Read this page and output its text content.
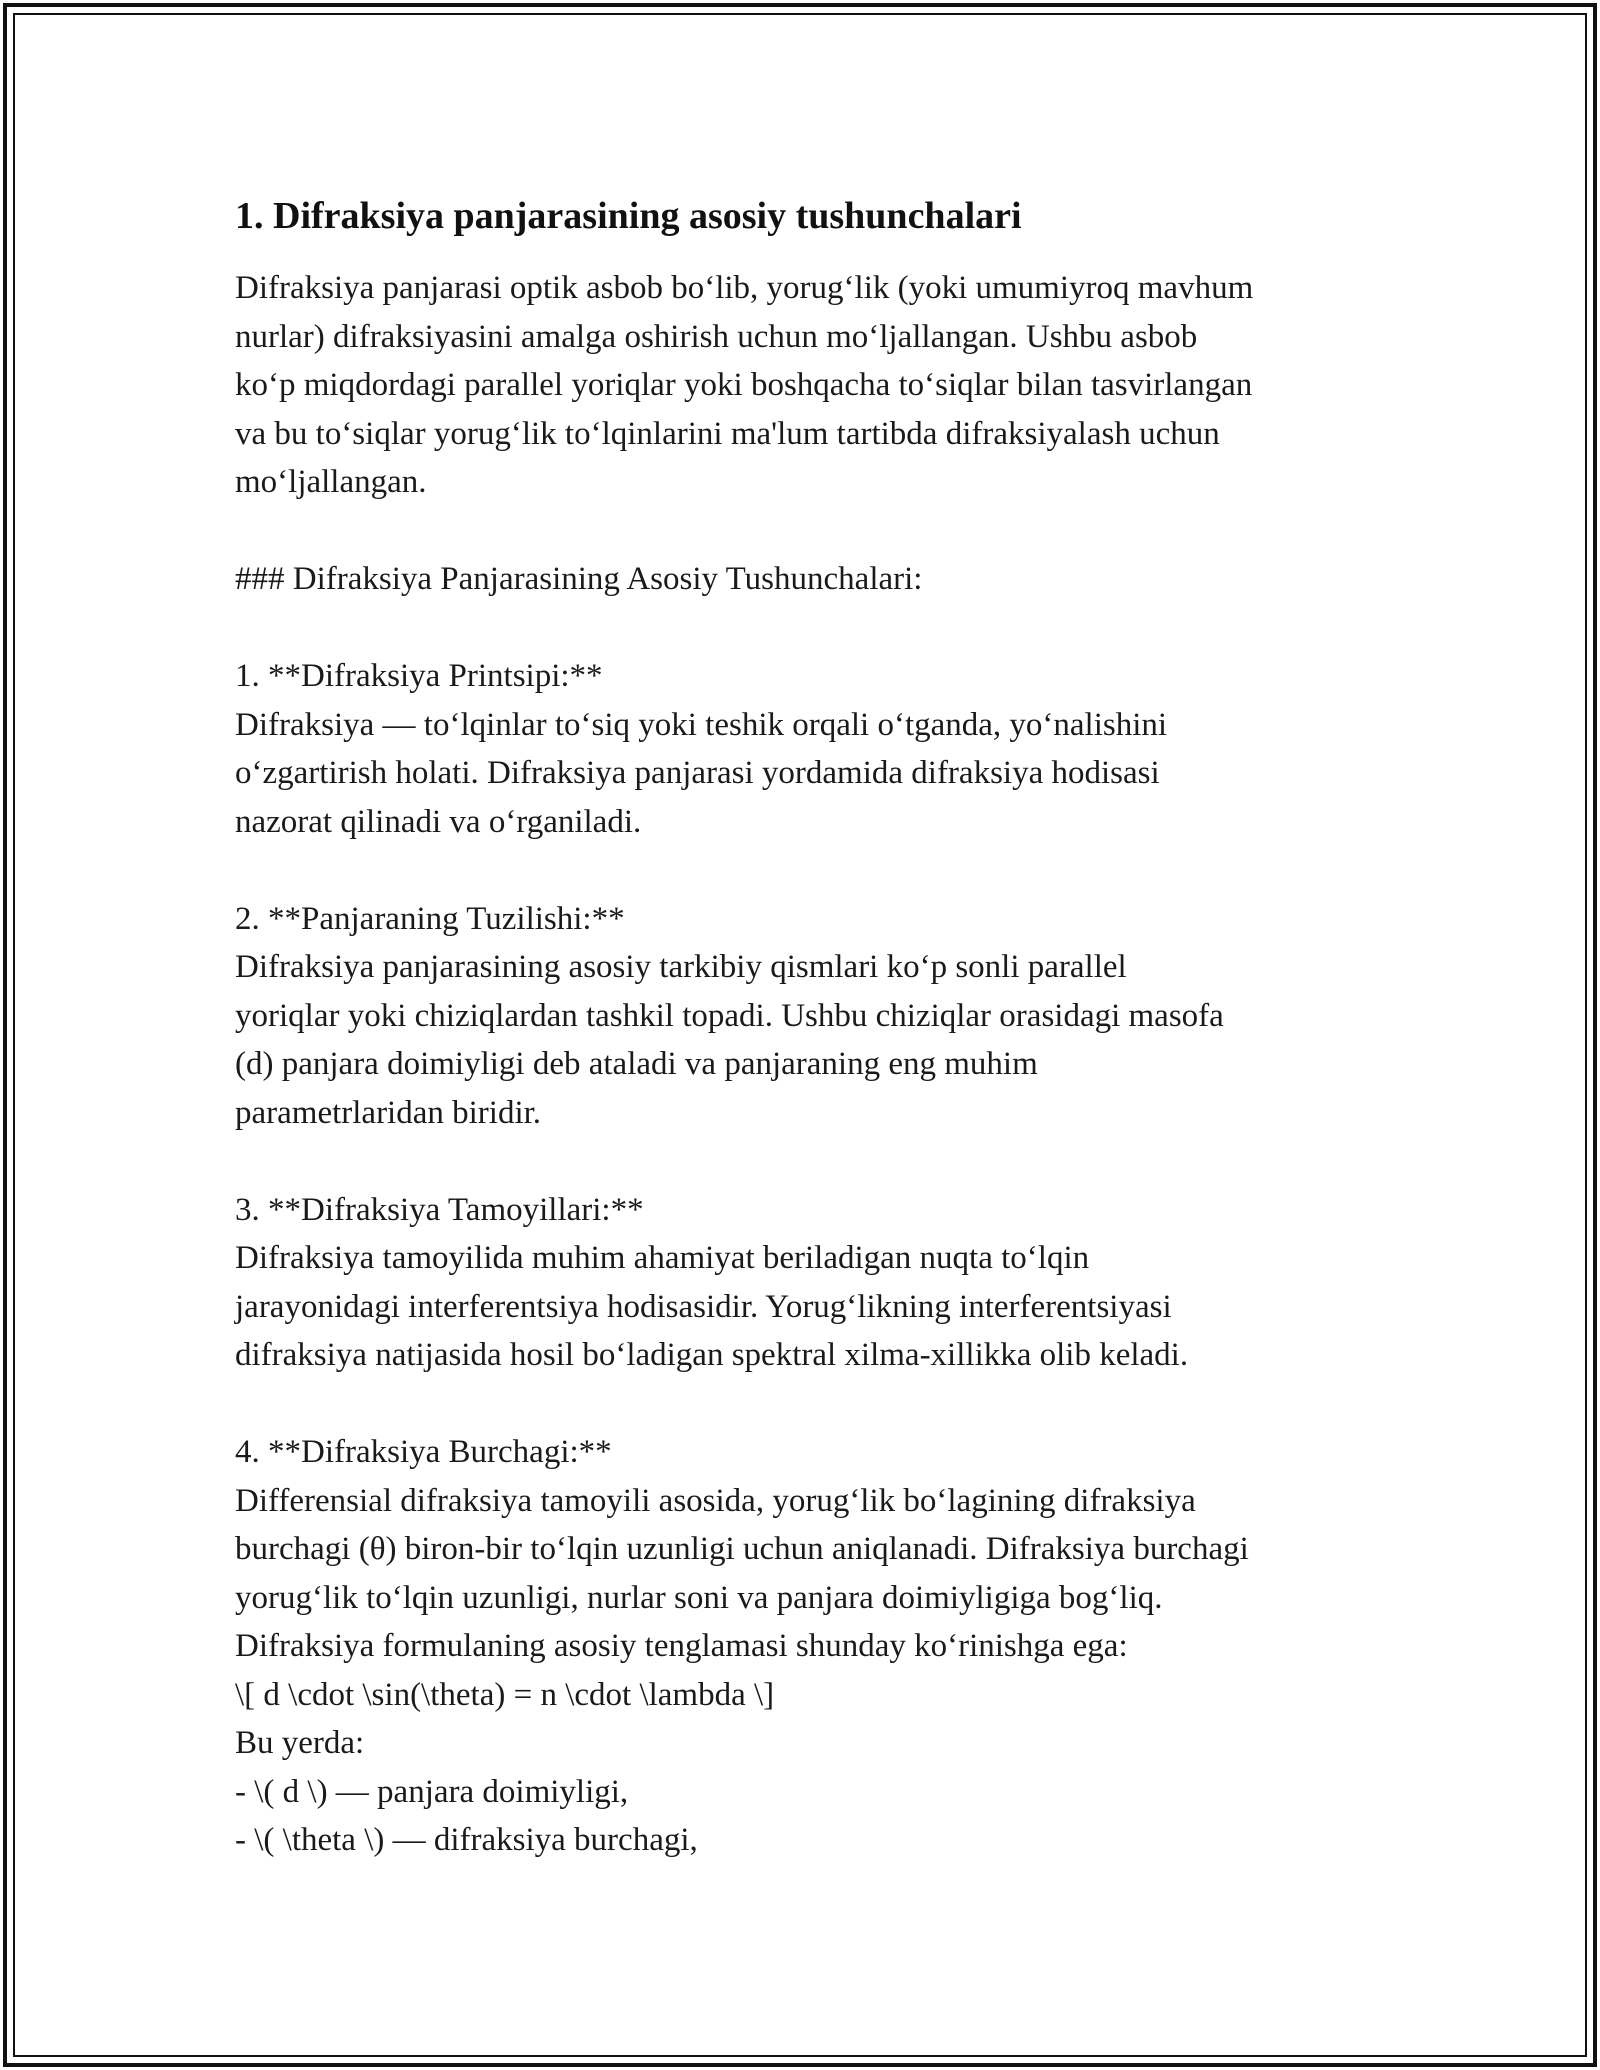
1. Difraksiya panjarasining asosiy tushunchalari

Difraksiya panjarasi optik asbob bo‘lib, yorug‘lik (yoki umumiyroq mavhum
nurlar) difraksiyasini amalga oshirish uchun mo‘ljallangan. Ushbu asbob
ko‘p miqdordagi parallel yoriqlar yoki boshqacha to‘siqlar bilan tasvirlangan
va bu to‘siqlar yorug‘lik to‘lqinlarini ma'lum tartibda difraksiyalash uchun
mo‘ljallangan.

### Difraksiya Panjarasining Asosiy Tushunchalari:

1. **Difraksiya Printsipi:**

Difraksiya — to‘lqinlar to‘siq yoki teshik orqali o‘tganda, yo‘nalishini
o‘zgartirish holati. Difraksiya panjarasi yordamida difraksiya hodisasi
nazorat qilinadi va o‘rganiladi.

2. **Panjaraning Tuzilishi:**

Difraksiya panjarasining asosiy tarkibiy qismlari ko‘p sonli parallel
yoriqlar yoki chiziqlardan tashkil topadi. Ushbu chiziqlar orasidagi masofa
(d) panjara doimiyligi deb ataladi va panjaraning eng muhim
parametrlaridan biridir.

3. **Difraksiya Tamoyillari:**

Difraksiya tamoyilida muhim ahamiyat beriladigan nuqta to‘lqin
jarayonidagi interferentsiya hodisasidir. Yorug‘likning interferentsiyasi
difraksiya natijasida hosil bo‘ladigan spektral xilma-xillikka olib keladi.

4. **Difraksiya Burchagi:**

Differensial difraksiya tamoyili asosida, yorug‘lik bo‘lagining difraksiya
burchagi (θ) biron-bir to‘lqin uzunligi uchun aniqlanadi. Difraksiya burchagi
yorug‘lik to‘lqin uzunligi, nurlar soni va panjara doimiyligiga bog‘liq.
Difraksiya formulaning asosiy tenglamasi shunday ko‘rinishga ega:
\[ d \cdot \sin(\theta) = n \cdot \lambda \]
Bu yerda:
- \( d \) — panjara doimiyligi,
- \( \theta \) — difraksiya burchagi,
